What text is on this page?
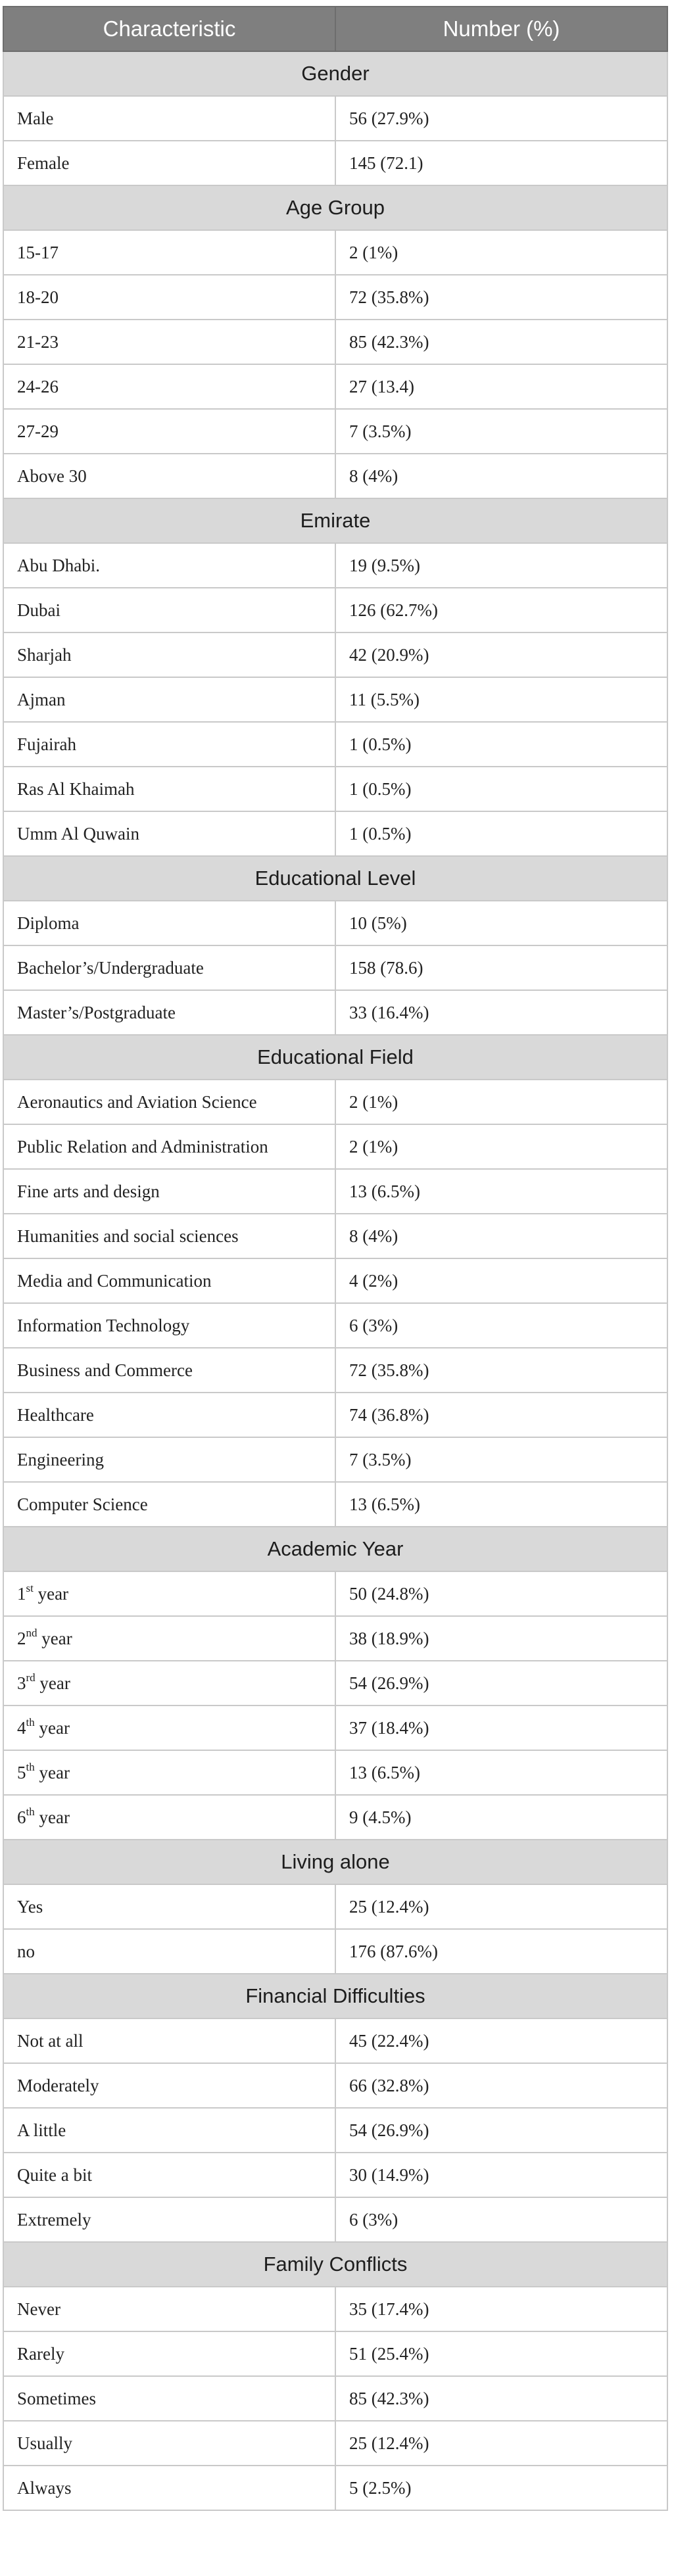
Characteristic	Number (%)
Gender	
Male	56 (27.9%)
Female	145 (72.1)
Age Group	
15-17	2 (1%)
18-20	72 (35.8%)
21-23	85 (42.3%)
24-26	27 (13.4)
27-29	7 (3.5%)
Above 30	8 (4%)
Emirate	
Abu Dhabi.	19 (9.5%)
Dubai	126 (62.7%)
Sharjah	42 (20.9%)
Ajman	11 (5.5%)
Fujairah	1 (0.5%)
Ras Al Khaimah	1 (0.5%)
Umm Al Quwain	1 (0.5%)
Educational Level	
Diploma	10 (5%)
Bachelor’s/Undergraduate	158 (78.6)
Master’s/Postgraduate	33 (16.4%)
Educational Field	
Aeronautics and Aviation Science	2 (1%)
Public Relation and Administration	2 (1%)
Fine arts and design	13 (6.5%)
Humanities and social sciences	8 (4%)
Media and Communication	4 (2%)
Information Technology	6 (3%)
Business and Commerce	72 (35.8%)
Healthcare	74 (36.8%)
Engineering	7 (3.5%)
Computer Science	13 (6.5%)
Academic Year	
1st year	50 (24.8%)
2nd year	38 (18.9%)
3rd year	54 (26.9%)
4th year	37 (18.4%)
5th year	13 (6.5%)
6th year	9 (4.5%)
Living alone	
Yes	25 (12.4%)
no	176 (87.6%)
Financial Difficulties	
Not at all	45 (22.4%)
Moderately	66 (32.8%)
A little	54 (26.9%)
Quite a bit	30 (14.9%)
Extremely	6 (3%)
Family Conflicts	
Never	35 (17.4%)
Rarely	51 (25.4%)
Sometimes	85 (42.3%)
Usually	25 (12.4%)
Always	5 (2.5%)
